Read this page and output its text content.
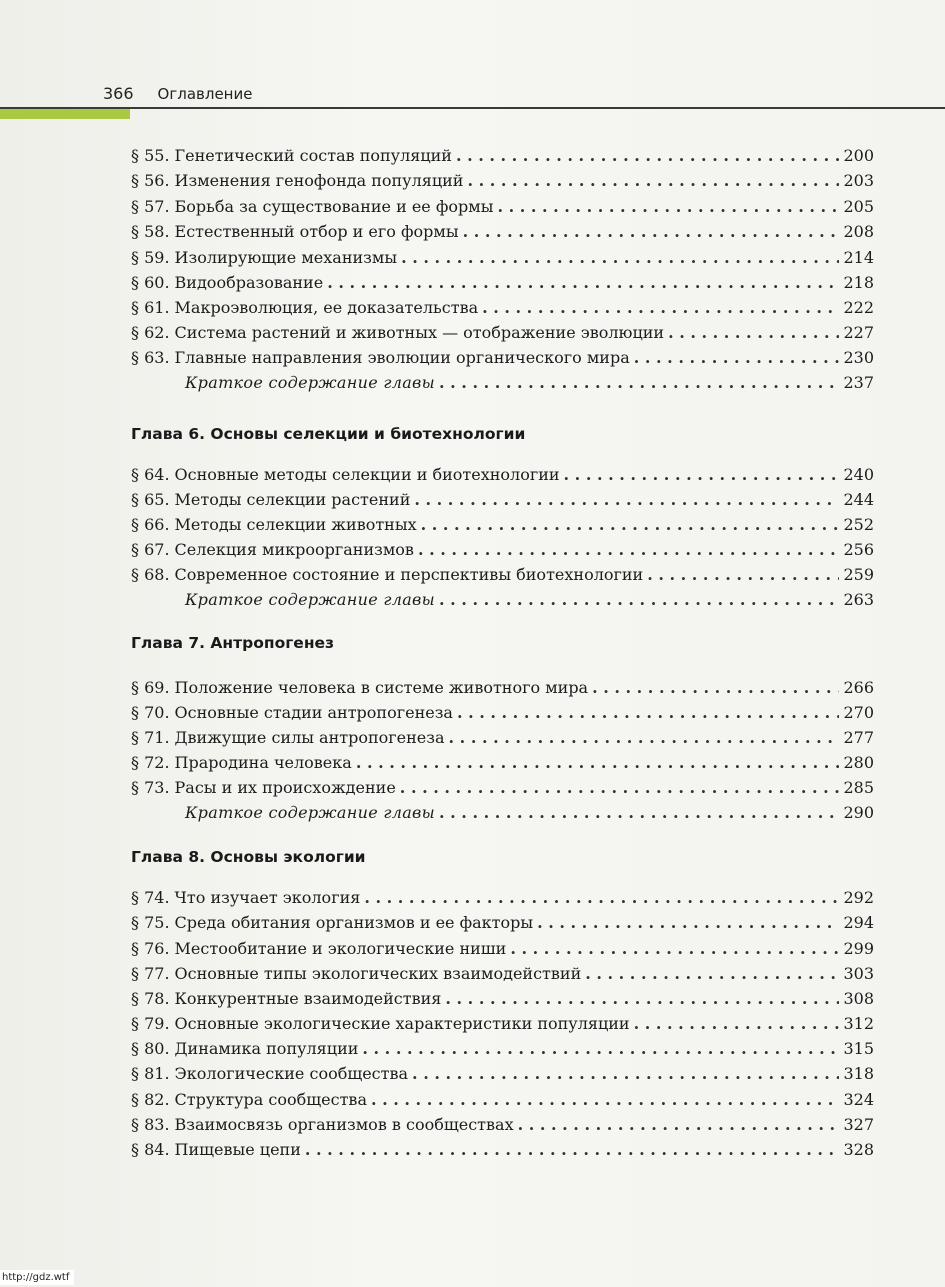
366 Оглавление
§ 55. Генетический состав популяций . . .	200
§ 56. Изменения генофонда популяций . . .	203
§ 57. Борьба за существование и ее формы . . .	205
§ 58. Естественный отбор и его формы . . .	208
§ 59. Изолирующие механизмы . . .	214
§ 60. Видообразование . . .	218
§ 61. Макроэволюция, ее доказательства . . .	222
§ 62. Система растений и животных — отображение эволюции . . .	227
§ 63. Главные направления эволюции органического мира . . .	230
Краткое содержание главы . . .	237
Глава 6. Основы селекции и биотехнологии
§ 64. Основные методы селекции и биотехнологии . . .	240
§ 65. Методы селекции растений . . .	244
§ 66. Методы селекции животных . . .	252
§ 67. Селекция микроорганизмов . . .	256
§ 68. Современное состояние и перспективы биотехнологии . . .	259
Краткое содержание главы . . .	263
Глава 7. Антропогенез
§ 69. Положение человека в системе животного мира . . .	266
§ 70. Основные стадии антропогенеза . . .	270
§ 71. Движущие силы антропогенеза . . .	277
§ 72. Прародина человека . . .	280
§ 73. Расы и их происхождение . . .	285
Краткое содержание главы . . .	290
Глава 8. Основы экологии
§ 74. Что изучает экология . . .	292
§ 75. Среда обитания организмов и ее факторы . . .	294
§ 76. Местообитание и экологические ниши . . .	299
§ 77. Основные типы экологических взаимодействий . . .	303
§ 78. Конкурентные взаимодействия . . .	308
§ 79. Основные экологические характеристики популяции . . .	312
§ 80. Динамика популяции . . .	315
§ 81. Экологические сообщества . . .	318
§ 82. Структура сообщества . . .	324
§ 83. Взаимосвязь организмов в сообществах . . .	327
§ 84. Пищевые цепи . . .	328
http://gdz.wtf
